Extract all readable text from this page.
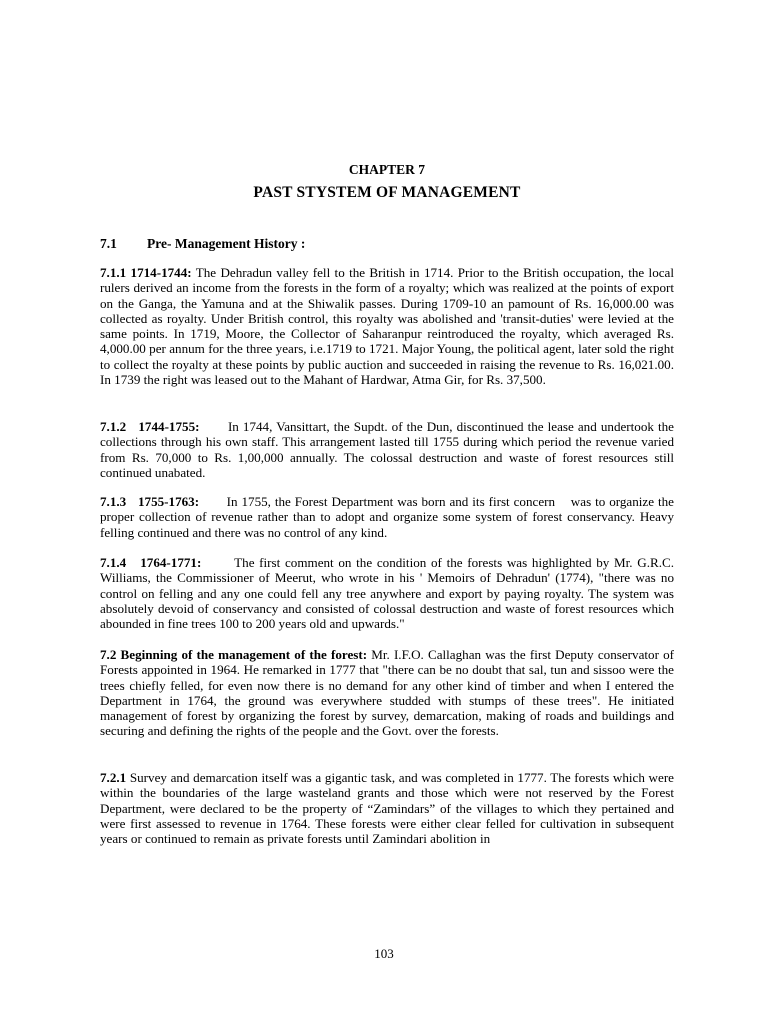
CHAPTER 7
PAST STYSTEM OF MANAGEMENT
7.1 Pre- Management History :
7.1.1 1714-1744: The Dehradun valley fell to the British in 1714. Prior to the British occupation, the local rulers derived an income from the forests in the form of a royalty; which was realized at the points of export on the Ganga, the Yamuna and at the Shiwalik passes. During 1709-10 an pamount of Rs. 16,000.00 was collected as royalty. Under British control, this royalty was abolished and 'transit-duties' were levied at the same points. In 1719, Moore, the Collector of Saharanpur reintroduced the royalty, which averaged Rs. 4,000.00 per annum for the three years, i.e.1719 to 1721. Major Young, the political agent, later sold the right to collect the royalty at these points by public auction and succeeded in raising the revenue to Rs. 16,021.00. In 1739 the right was leased out to the Mahant of Hardwar, Atma Gir, for Rs. 37,500.
7.1.2   1744-1755:       In 1744, Vansittart, the Supdt. of the Dun, discontinued the lease and undertook the collections through his own staff. This arrangement lasted till 1755 during which period the revenue varied from Rs. 70,000 to Rs. 1,00,000 annually. The colossal destruction and waste of forest resources still continued unabated.
7.1.3   1755-1763:       In 1755, the Forest Department was born and its first concern    was to organize the proper collection of revenue rather than to adopt and organize some system of forest conservancy. Heavy felling continued and there was no control of any kind.
7.1.4   1764-1771:       The first comment on the condition of the forests was highlighted by Mr. G.R.C. Williams, the Commissioner of Meerut, who wrote in his ' Memoirs of Dehradun' (1774), "there was no control on felling and any one could fell any tree anywhere and export by paying royalty. The system was absolutely devoid of conservancy and consisted of colossal destruction and waste of forest resources which abounded in fine trees 100 to 200 years old and upwards."
7.2 Beginning of the management of the forest: Mr. I.F.O. Callaghan was the first Deputy conservator of Forests appointed in 1964. He remarked in 1777 that "there can be no doubt that sal, tun and sissoo were the trees chiefly felled, for even now there is no demand for any other kind of timber and when I entered the Department in 1764, the ground was everywhere studded with stumps of these trees". He initiated management of forest by organizing the forest by survey, demarcation, making of roads and buildings and securing and defining the rights of the people and the Govt. over the forests.
7.2.1 Survey and demarcation itself was a gigantic task, and was completed in 1777. The forests which were within the boundaries of the large wasteland grants and those which were not reserved by the Forest Department, were declared to be the property of “Zamindars” of the villages to which they pertained and were first assessed to revenue in 1764. These forests were either clear felled for cultivation in subsequent years or continued to remain as private forests until Zamindari abolition in
103
